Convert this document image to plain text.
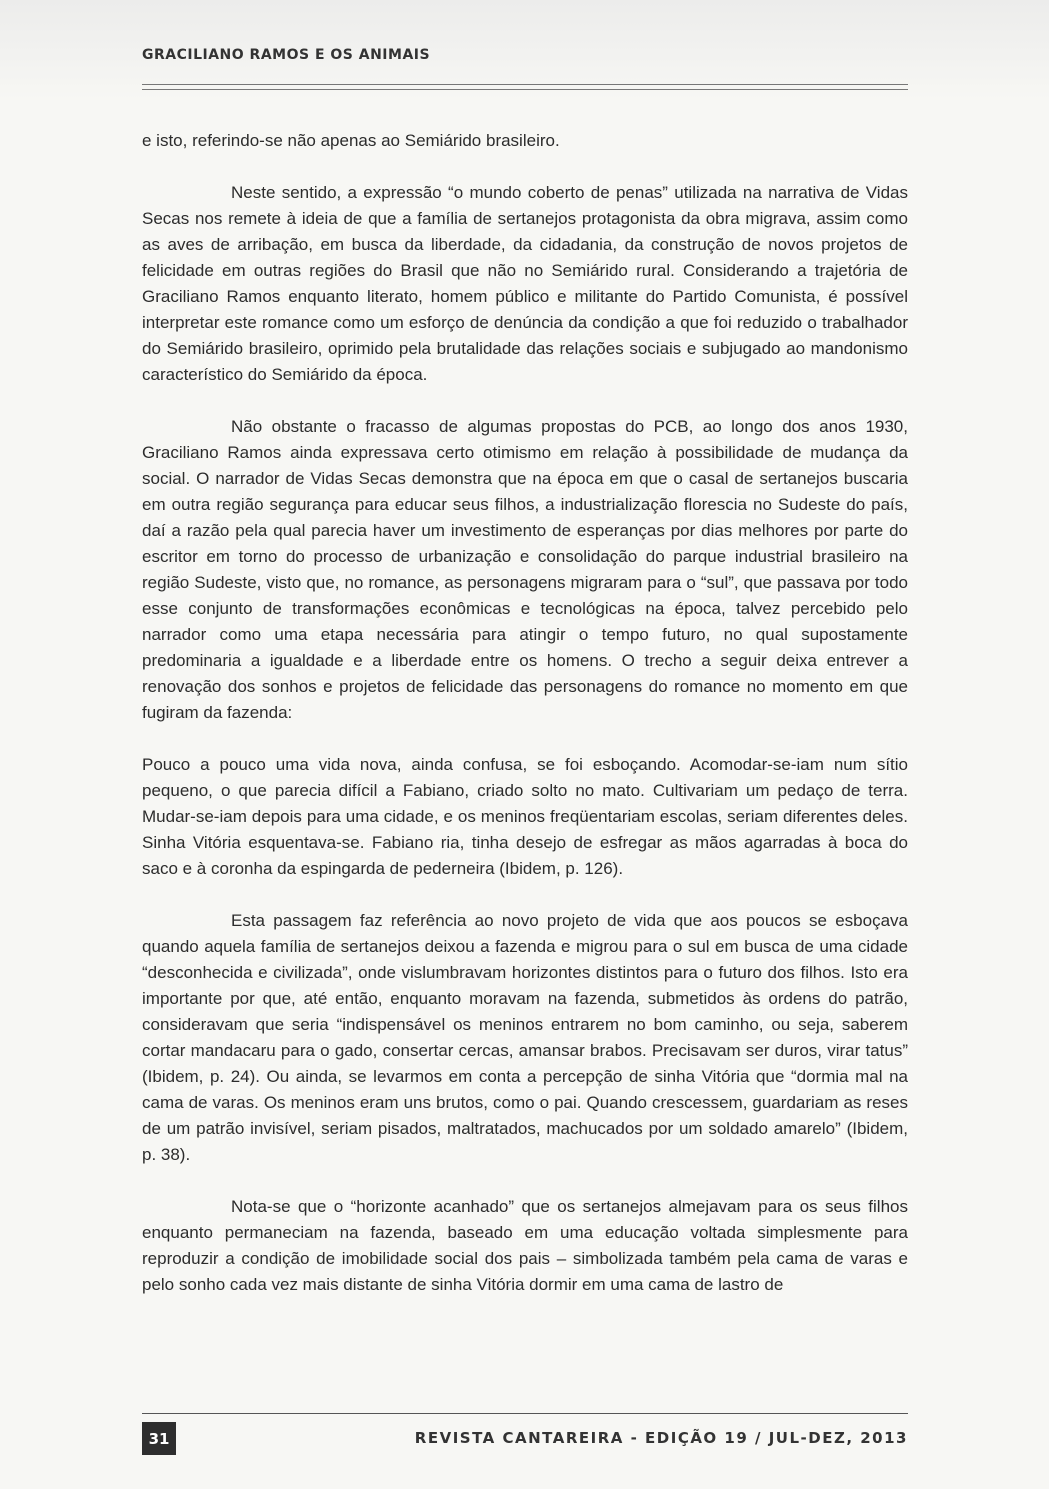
GRACILIANO RAMOS E OS ANIMAIS

e isto, referindo-se não apenas ao Semiárido brasileiro.

Neste sentido, a expressão “o mundo coberto de penas” utilizada na narrativa de Vidas Secas nos remete à ideia de que a família de sertanejos protagonista da obra migrava, assim como as aves de arribação, em busca da liberdade, da cidadania, da construção de novos projetos de felicidade em outras regiões do Brasil que não no Semiárido rural. Considerando a trajetória de Graciliano Ramos enquanto literato, homem público e militante do Partido Comunista, é possível interpretar este romance como um esforço de denúncia da condição a que foi reduzido o trabalhador do Semiárido brasileiro, oprimido pela brutalidade das relações sociais e subjugado ao mandonismo característico do Semiárido da época.

Não obstante o fracasso de algumas propostas do PCB, ao longo dos anos 1930, Graciliano Ramos ainda expressava certo otimismo em relação à possibilidade de mudança da social. O narrador de Vidas Secas demonstra que na época em que o casal de sertanejos buscaria em outra região segurança para educar seus filhos, a industrialização florescia no Sudeste do país, daí a razão pela qual parecia haver um investimento de esperanças por dias melhores por parte do escritor em torno do processo de urbanização e consolidação do parque industrial brasileiro na região Sudeste, visto que, no romance, as personagens migraram para o “sul”, que passava por todo esse conjunto de transformações econômicas e tecnológicas na época, talvez percebido pelo narrador como uma etapa necessária para atingir o tempo futuro, no qual supostamente predominaria a igualdade e a liberdade entre os homens. O trecho a seguir deixa entrever a renovação dos sonhos e projetos de felicidade das personagens do romance no momento em que fugiram da fazenda:

Pouco a pouco uma vida nova, ainda confusa, se foi esboçando. Acomodar-se-iam num sítio pequeno, o que parecia difícil a Fabiano, criado solto no mato. Cultivariam um pedaço de terra. Mudar-se-iam depois para uma cidade, e os meninos freqüentariam escolas, seriam diferentes deles. Sinha Vitória esquentava-se. Fabiano ria, tinha desejo de esfregar as mãos agarradas à boca do saco e à coronha da espingarda de pederneira (Ibidem, p. 126).

Esta passagem faz referência ao novo projeto de vida que aos poucos se esboçava quando aquela família de sertanejos deixou a fazenda e migrou para o sul em busca de uma cidade “desconhecida e civilizada”, onde vislumbravam horizontes distintos para o futuro dos filhos. Isto era importante por que, até então, enquanto moravam na fazenda, submetidos às ordens do patrão, consideravam que seria “indispensável os meninos entrarem no bom caminho, ou seja, saberem cortar mandacaru para o gado, consertar cercas, amansar brabos. Precisavam ser duros, virar tatus” (Ibidem, p. 24). Ou ainda, se levarmos em conta a percepção de sinha Vitória que “dormia mal na cama de varas. Os meninos eram uns brutos, como o pai. Quando crescessem, guardariam as reses de um patrão invisível, seriam pisados, maltratados, machucados por um soldado amarelo” (Ibidem, p. 38).

Nota-se que o “horizonte acanhado” que os sertanejos almejavam para os seus filhos enquanto permaneciam na fazenda, baseado em uma educação voltada simplesmente para reproduzir a condição de imobilidade social dos pais – simbolizada também pela cama de varas e pelo sonho cada vez mais distante de sinha Vitória dormir em uma cama de lastro de

31	REVISTA CANTAREIRA - EDIÇÃO 19 / JUL-DEZ, 2013
